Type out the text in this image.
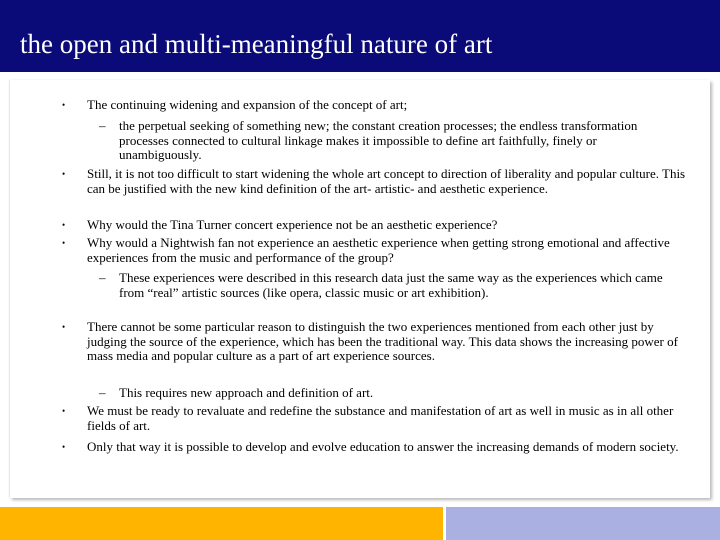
the open and multi-meaningful nature of art
• The continuing widening and expansion of the concept of art;
– the perpetual seeking of something new; the constant creation processes; the endless transformation processes connected to cultural linkage makes it impossible to define art faithfully, finely or unambiguously.
• Still, it is not too difficult to start widening the whole art concept to direction of liberality and popular culture. This can be justified with the new kind definition of the art- artistic- and aesthetic experience.
• Why would the Tina Turner concert experience not be an aesthetic experience?
• Why would a Nightwish fan not experience an aesthetic experience when getting strong emotional and affective experiences from the music and performance of the group?
– These experiences were described in this research data just the same way as the experiences which came from “real” artistic sources (like opera, classic music or art exhibition).
• There cannot be some particular reason to distinguish the two experiences mentioned from each other just by judging the source of the experience, which has been the traditional way. This data shows the increasing power of mass media and popular culture as a part of art experience sources.
– This requires new approach and definition of art.
• We must be ready to revaluate and redefine the substance and manifestation of art as well in music as in all other fields of art.
• Only that way it is possible to develop and evolve education to answer the increasing demands of modern society.
